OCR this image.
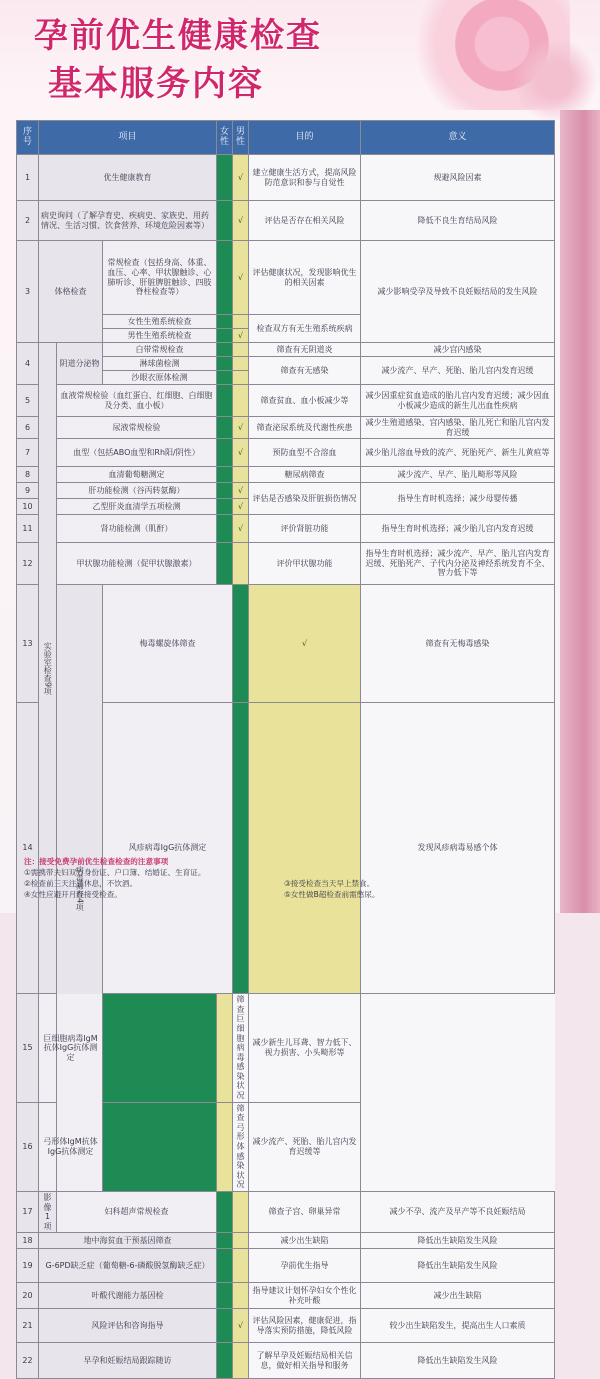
孕前优生健康检查
基本服务内容
序号	项目			女性	男性	目的	意义	
1	优生健康教育				√	建立健康生活方式，提高风险防范意识和参与自觉性	规避风险因素	
2	病史询问（了解孕育史、疾病史、家族史、用药情况、生活习惯、饮食营养、环境危险因素等）				√	评估是否存在相关风险	降低不良生育结局风险	
3	体格检查		常规检查（包括身高、体重、血压、心率、甲状腺触诊、心肺听诊、肝脏脾脏触诊、四肢脊柱检查等）		√	评估健康状况，发现影响优生的相关因素	减少影响受孕及导致不良妊娠结局的发生风险	
			女性生殖系统检查			检查双方有无生殖系统疾病		
			男性生殖系统检查		√			
4	实验室检查9项	阴道分泌物	白带常规检查			筛查有无阴道炎	减少宫内感染	
			淋球菌检测			筛查有无感染	减少流产、早产、死胎、胎儿宫内发育迟缓	
			沙眼衣原体检测					
5		血液常规检验（血红蛋白、红细胞、白细胞及分类、血小板）				筛查贫血、血小板减少等	减少因重症贫血造成的胎儿宫内发育迟缓；减少因血小板减少造成的新生儿出血性疾病	
6		尿液常规检验			√	筛查泌尿系统及代谢性疾患	减少生殖道感染、宫内感染、胎儿死亡和胎儿宫内发育迟缓	
7		血型（包括ABO血型和Rh阳/阴性）			√	预防血型不合溶血	减少胎儿溶血导致的流产、死胎死产、新生儿黄疸等	
8		血清葡萄糖测定				糖尿病筛查	减少流产、早产、胎儿畸形等风险	
9		肝功能检测（谷丙转氨酶）			√	评估是否感染及肝脏损伤情况	指导生育时机选择；减少母婴传播	
10		乙型肝炎血清学五项检测			√			
11		肾功能检测（肌酐）			√	评价肾脏功能	指导生育时机选择；减少胎儿宫内发育迟缓	
12		甲状腺功能检测（促甲状腺激素）				评价甲状腺功能	指导生育时机选择；减少流产、早产、胎儿宫内发育迟缓、死胎死产、子代内分泌及神经系统发育不全、智力低下等	
13		病毒筛查4项	梅毒螺旋体筛查			√	筛查有无梅毒感染	
14			风疹病毒IgG抗体测定				发现风疹病毒易感个体	
15	巨细胞病毒IgM抗体IgG抗体测定				筛查巨细胞病毒感染状况	减少新生儿耳聋、智力低下、视力损害、小头畸形等		
16	弓形体IgM抗体IgG抗体测定				筛查弓形体感染状况	减少流产、死胎、胎儿宫内发育迟缓等		
17	影像1项	妇科超声常规检查				筛查子宫、卵巢异常	减少不孕、流产及早产等不良妊娠结局	
18	地中海贫血干预基因筛查					减少出生缺陷	降低出生缺陷发生风险	
19	G-6PD缺乏症（葡萄糖-6-磷酸脱氢酶缺乏症）					孕前优生指导	降低出生缺陷发生风险	
20	叶酸代谢能力基因检					指导建议计划怀孕妇女个性化补充叶酸	减少出生缺陷	
21	风险评估和咨询指导				√	评估风险因素，健康促进，指导落实预防措施，降低风险	较少出生缺陷发生，提高出生人口素质	
22	早孕和妊娠结局跟踪随访					了解早孕及妊娠结局相关信息，做好相关指导和服务	降低出生缺陷发生风险	
注：接受免费孕前优生检查检查的注意事项
①需携带夫妇双方身份证、户口簿、结婚证、生育证。
②检查前三天注意休息，不饮酒。	③接受检查当天早上禁食。
④女性应避开月经接受检查。	⑤女性做B超检查前需憋尿。
